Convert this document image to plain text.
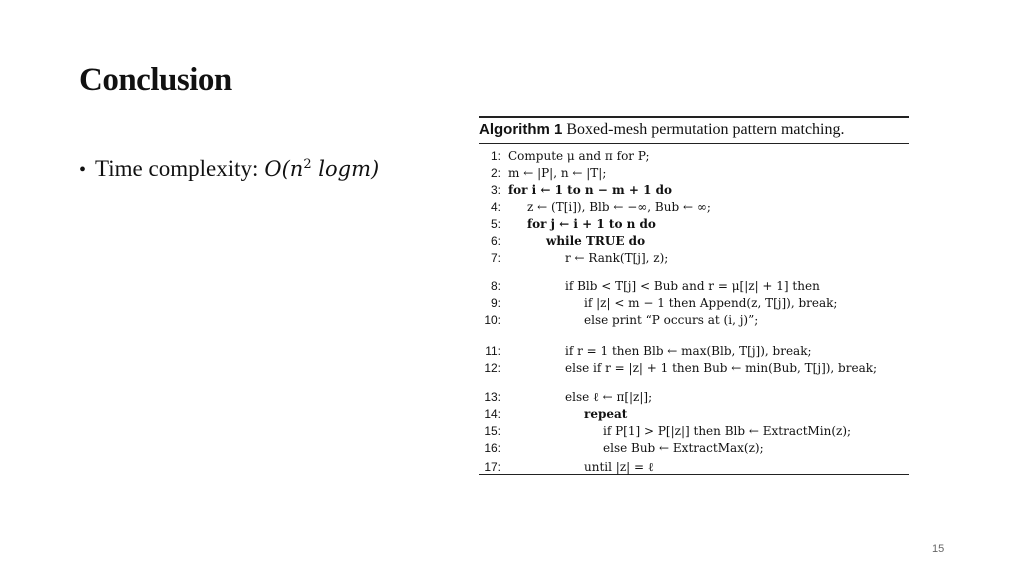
Conclusion
• Time complexity: $O(n^2$ logm)
Algorithm 1 Boxed-mesh permutation pattern matching.
1: Compute μ and π for P;
2: m ← |P|, n ← |T|;
3: for i ← 1 to n − m + 1 do
4: z ← (T[i]), Blb ← −∞, Bub ← ∞;
5: for j ← i + 1 to n do
6:	while TRUE do
7:	r ← Rank(T[j], z);
8:	if Blb < T[j] < Bub and r = μ[|z| + 1] then
9:	if |z| < m − 1 then Append(z, T[j]), break;
10:	else print “P occurs at (i, j)”;
11:	if r = 1 then Blb ← max(Blb, T[j]), break;
12:	else if r = |z| + 1 then Bub ← min(Bub, T[j]), break;
13:	else ℓ ← π[|z|];
14:	repeat
15:	if P[1] > P[|z|] then Blb ← ExtractMin(z);
16:	else Bub ← ExtractMax(z);
17:	until |z| = ℓ
15
